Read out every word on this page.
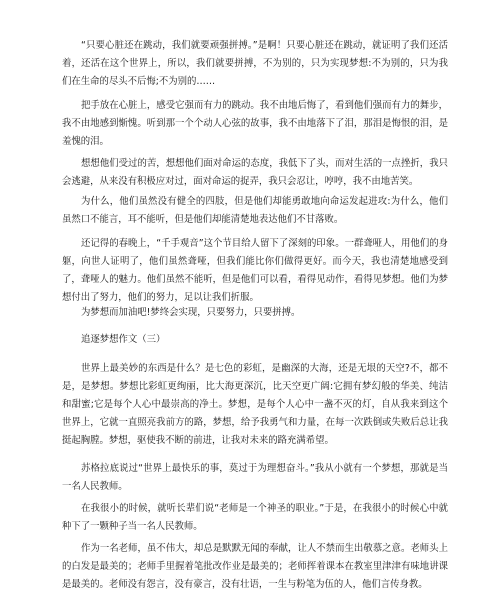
“只要心脏还在跳动，我们就要顽强拼搏。”是啊！只要心脏还在跳动，就证明了我们还活着，还活在这个世界上，所以，我们就要拼搏，不为别的，只为实现梦想:不为别的，只为我们在生命的尽头不后悔;不为别的……

把手放在心脏上，感受它强而有力的跳动。我不由地后悔了，看到他们强而有力的舞步，我不由地感到惭愧。听到那一个个动人心弦的故事，我不由地落下了泪，那泪是悔恨的泪，是羞愧的泪。

想想他们受过的苦，想想他们面对命运的态度，我低下了头，而对生活的一点挫折，我只会逃避，从来没有积极应对过，面对命运的捉弄，我只会忍让，哼哼，我不由地苦笑。

为什么，他们虽然没有健全的四肢，但是他们却能勇敢地向命运发起进攻:为什么，他们虽然口不能言，耳不能听，但是他们却能清楚地表达他们不甘落败。

还记得的春晚上，“千手观音”这个节目给人留下了深刻的印象。一群聋哑人，用他们的身躯，向世人证明了，他们虽然聋哑，但我们能比你们做得更好。而今天，我也清楚地感受到了，聋哑人的魅力。他们虽然不能听，但是他们可以看，看得见动作，看得见梦想。他们为梦想付出了努力，他们的努力，足以让我们折服。

为梦想而加油吧!梦终会实现，只要努力，只要拼搏。

追逐梦想作文（三）

世界上最美妙的东西是什么？是七色的彩虹，是幽深的大海，还是无垠的天空?不，都不是，是梦想。梦想比彩虹更绚丽，比大海更深沉，比天空更广阔:它拥有梦幻般的华美、纯洁和甜蜜;它是每个人心中最崇高的净土。梦想，是每个人心中一盏不灭的灯，自从我来到这个世界上，它就一直照亮我前方的路，梦想，给予我勇气和力量，在每一次跌倒或失败后总让我挺起胸膛。梦想，驱使我不断的前进，让我对未来的路充满希望。

苏格拉底说过“世界上最快乐的事，莫过于为理想奋斗。”我从小就有一个梦想，那就是当一名人民教师。

在我很小的时候，就听长辈们说“老师是一个神圣的职业。”于是，在我很小的时候心中就种下了一颗种子当一名人民教师。

作为一名老师，虽不伟大，却总是默默无闻的奉献，让人不禁而生出敬慕之意。老师头上的白发是最美的；老师手里握着笔批改作业是最美的；老师挥着课本在教室里津津有味地讲课是最美的。老师没有怨言，没有豪言，没有壮语，一生与粉笔为伍的人，他们言传身教。
